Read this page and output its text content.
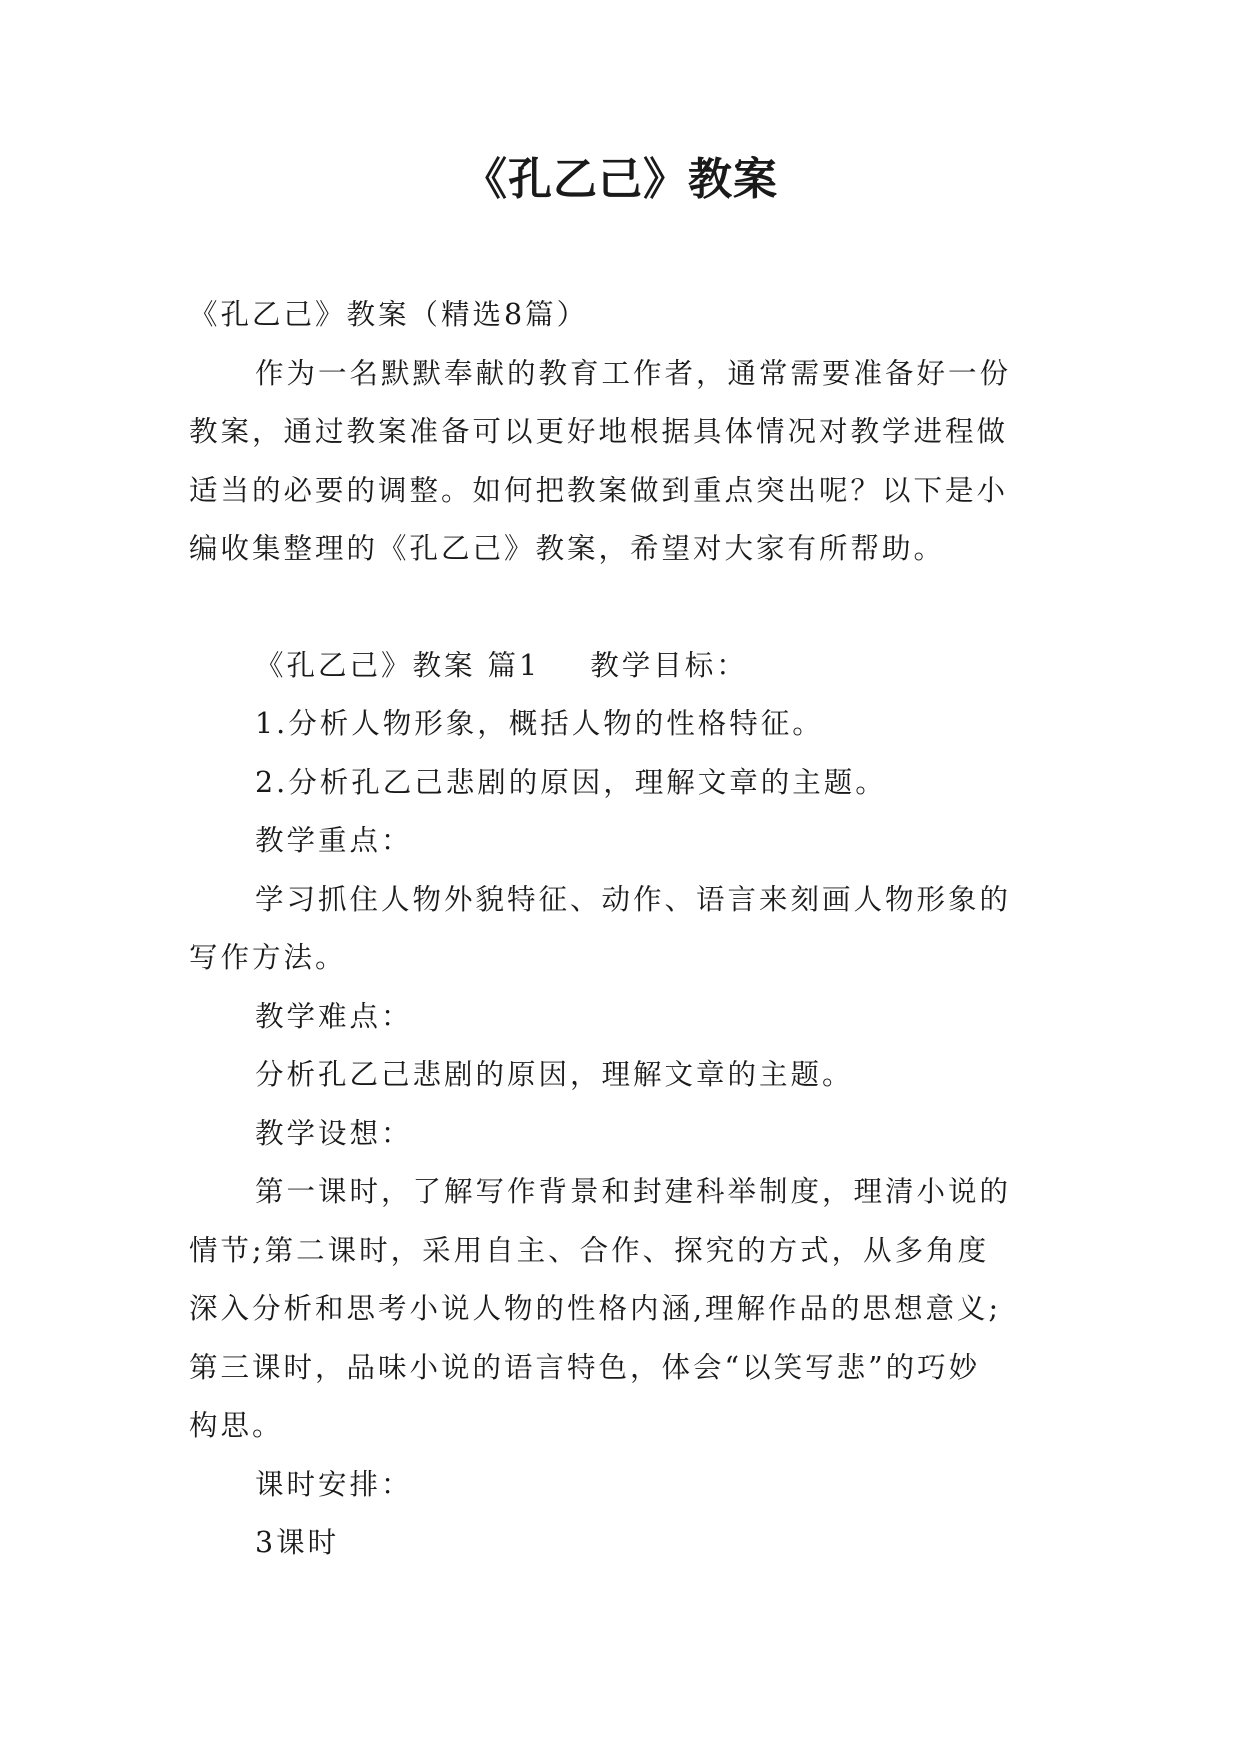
《孔乙己》教案

《孔乙己》教案（精选8篇）

作为一名默默奉献的教育工作者，通常需要准备好一份

教案，通过教案准备可以更好地根据具体情况对教学进程做

适当的必要的调整。如何把教案做到重点突出呢？以下是小

编收集整理的《孔乙己》教案，希望对大家有所帮助。

《孔乙己》教案 篇1 教学目标：

1.分析人物形象，概括人物的性格特征。

2.分析孔乙己悲剧的原因，理解文章的主题。

教学重点：

学习抓住人物外貌特征、动作、语言来刻画人物形象的

写作方法。

教学难点：

分析孔乙己悲剧的原因，理解文章的主题。

教学设想：

第一课时，了解写作背景和封建科举制度，理清小说的

情节;第二课时，采用自主、合作、探究的方式，从多角度

深入分析和思考小说人物的性格内涵,理解作品的思想意义;

第三课时，品味小说的语言特色，体会“以笑写悲”的巧妙

构思。

课时安排：

3课时
